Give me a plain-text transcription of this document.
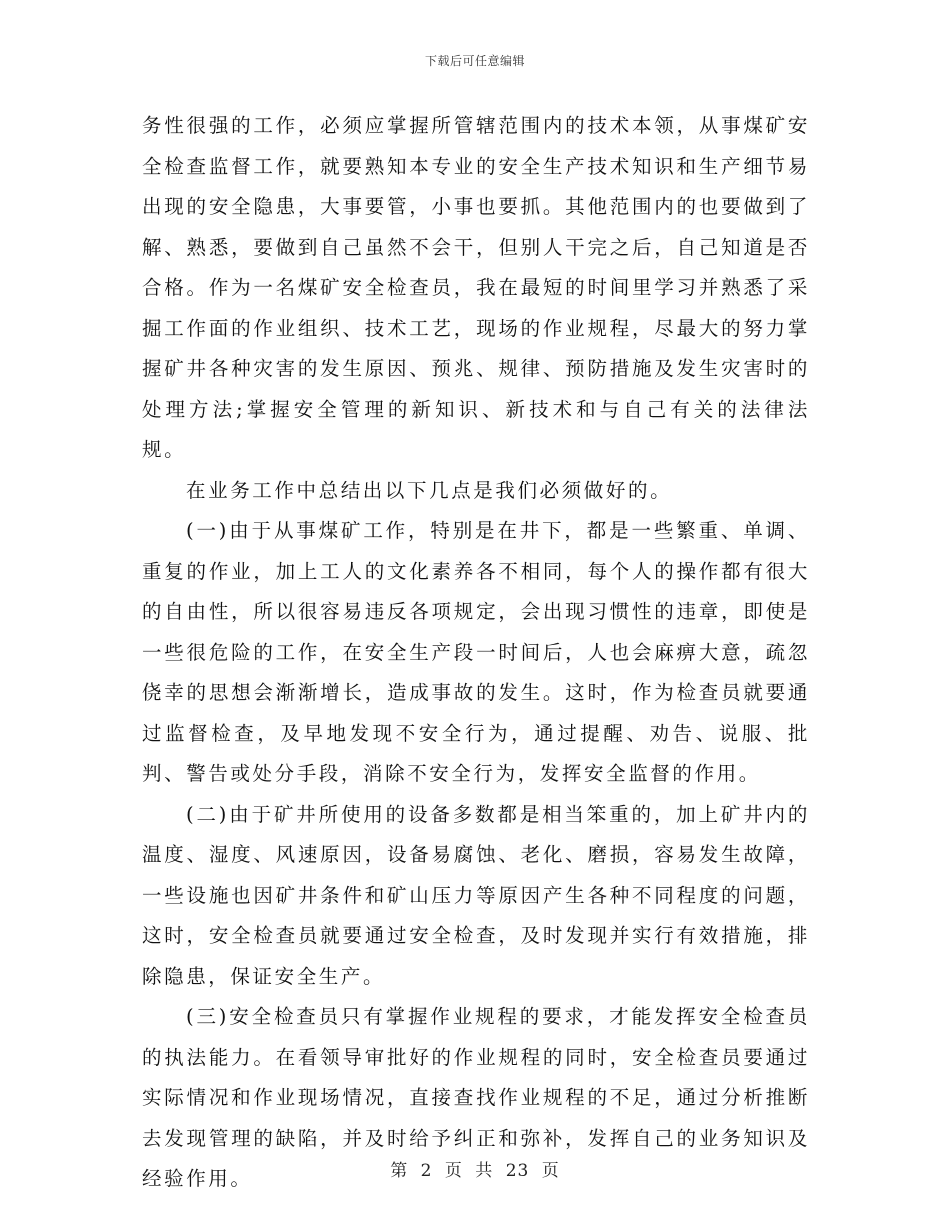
下载后可任意编辑

务性很强的工作，必须应掌握所管辖范围内的技术本领，从事煤矿安全检查监督工作，就要熟知本专业的安全生产技术知识和生产细节易出现的安全隐患，大事要管，小事也要抓。其他范围内的也要做到了解、熟悉，要做到自己虽然不会干，但别人干完之后，自己知道是否合格。作为一名煤矿安全检查员，我在最短的时间里学习并熟悉了采掘工作面的作业组织、技术工艺，现场的作业规程，尽最大的努力掌握矿井各种灾害的发生原因、预兆、规律、预防措施及发生灾害时的处理方法;掌握安全管理的新知识、新技术和与自己有关的法律法规。

在业务工作中总结出以下几点是我们必须做好的。

(一)由于从事煤矿工作，特别是在井下，都是一些繁重、单调、重复的作业，加上工人的文化素养各不相同，每个人的操作都有很大的自由性，所以很容易违反各项规定，会出现习惯性的违章，即使是一些很危险的工作，在安全生产段一时间后，人也会麻痹大意，疏忽侥幸的思想会渐渐增长，造成事故的发生。这时，作为检查员就要通过监督检查，及早地发现不安全行为，通过提醒、劝告、说服、批判、警告或处分手段，消除不安全行为，发挥安全监督的作用。

(二)由于矿井所使用的设备多数都是相当笨重的，加上矿井内的温度、湿度、风速原因，设备易腐蚀、老化、磨损，容易发生故障，一些设施也因矿井条件和矿山压力等原因产生各种不同程度的问题，这时，安全检查员就要通过安全检查，及时发现并实行有效措施，排除隐患，保证安全生产。

(三)安全检查员只有掌握作业规程的要求，才能发挥安全检查员的执法能力。在看领导审批好的作业规程的同时，安全检查员要通过实际情况和作业现场情况，直接查找作业规程的不足，通过分析推断去发现管理的缺陷，并及时给予纠正和弥补，发挥自己的业务知识及经验作用。	第 2 页 共 23 页
